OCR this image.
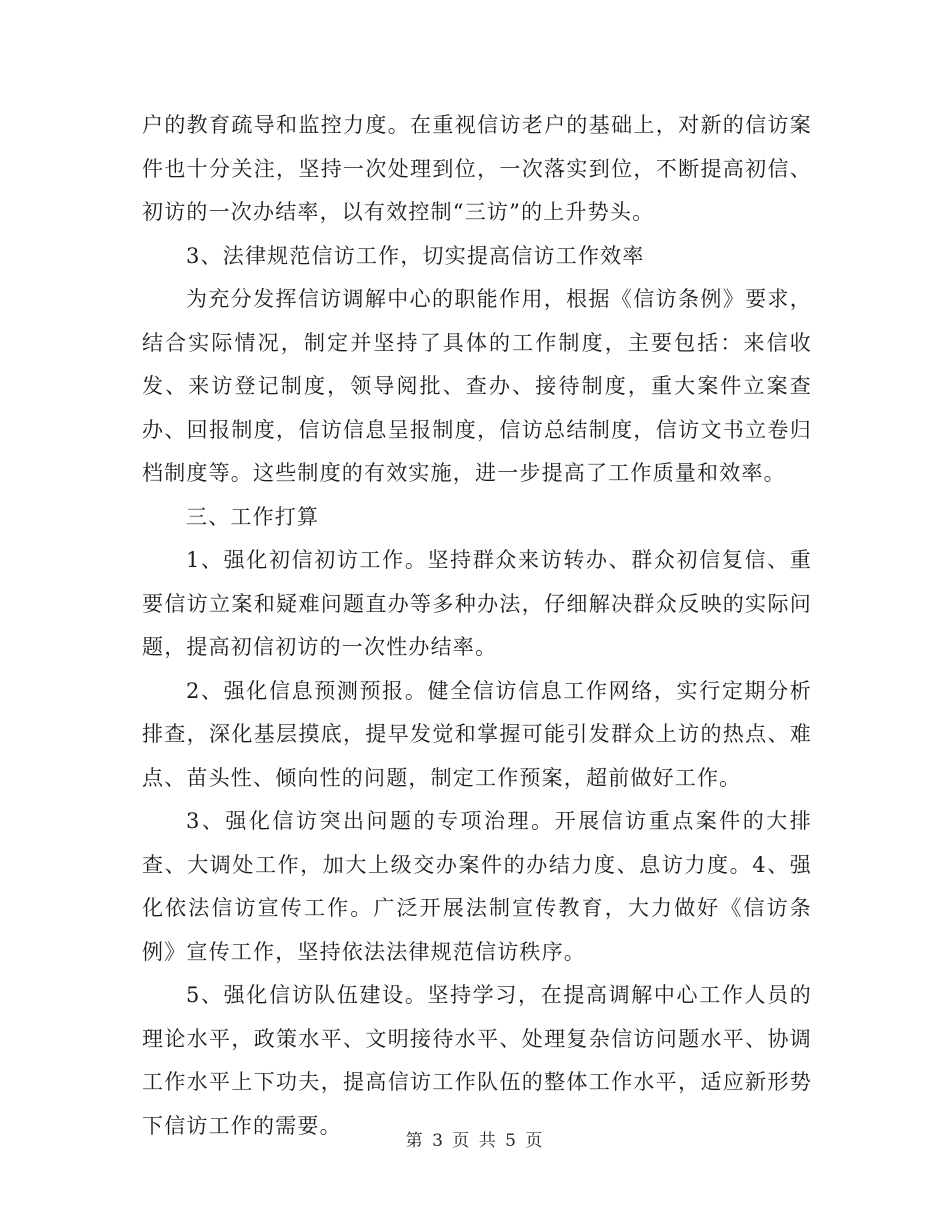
户的教育疏导和监控力度。在重视信访老户的基础上，对新的信访案件也十分关注，坚持一次处理到位，一次落实到位，不断提高初信、初访的一次办结率，以有效控制“三访”的上升势头。

3、法律规范信访工作，切实提高信访工作效率

为充分发挥信访调解中心的职能作用，根据《信访条例》要求，结合实际情况，制定并坚持了具体的工作制度，主要包括：来信收发、来访登记制度，领导阅批、查办、接待制度，重大案件立案查办、回报制度，信访信息呈报制度，信访总结制度，信访文书立卷归档制度等。这些制度的有效实施，进一步提高了工作质量和效率。

三、工作打算

1、强化初信初访工作。坚持群众来访转办、群众初信复信、重要信访立案和疑难问题直办等多种办法，仔细解决群众反映的实际问题，提高初信初访的一次性办结率。

2、强化信息预测预报。健全信访信息工作网络，实行定期分析排查，深化基层摸底，提早发觉和掌握可能引发群众上访的热点、难点、苗头性、倾向性的问题，制定工作预案，超前做好工作。

3、强化信访突出问题的专项治理。开展信访重点案件的大排查、大调处工作，加大上级交办案件的办结力度、息访力度。4、强化依法信访宣传工作。广泛开展法制宣传教育，大力做好《信访条例》宣传工作，坚持依法法律规范信访秩序。

5、强化信访队伍建设。坚持学习，在提高调解中心工作人员的理论水平，政策水平、文明接待水平、处理复杂信访问题水平、协调工作水平上下功夫，提高信访工作队伍的整体工作水平，适应新形势下信访工作的需要。

第 3 页 共 5 页
